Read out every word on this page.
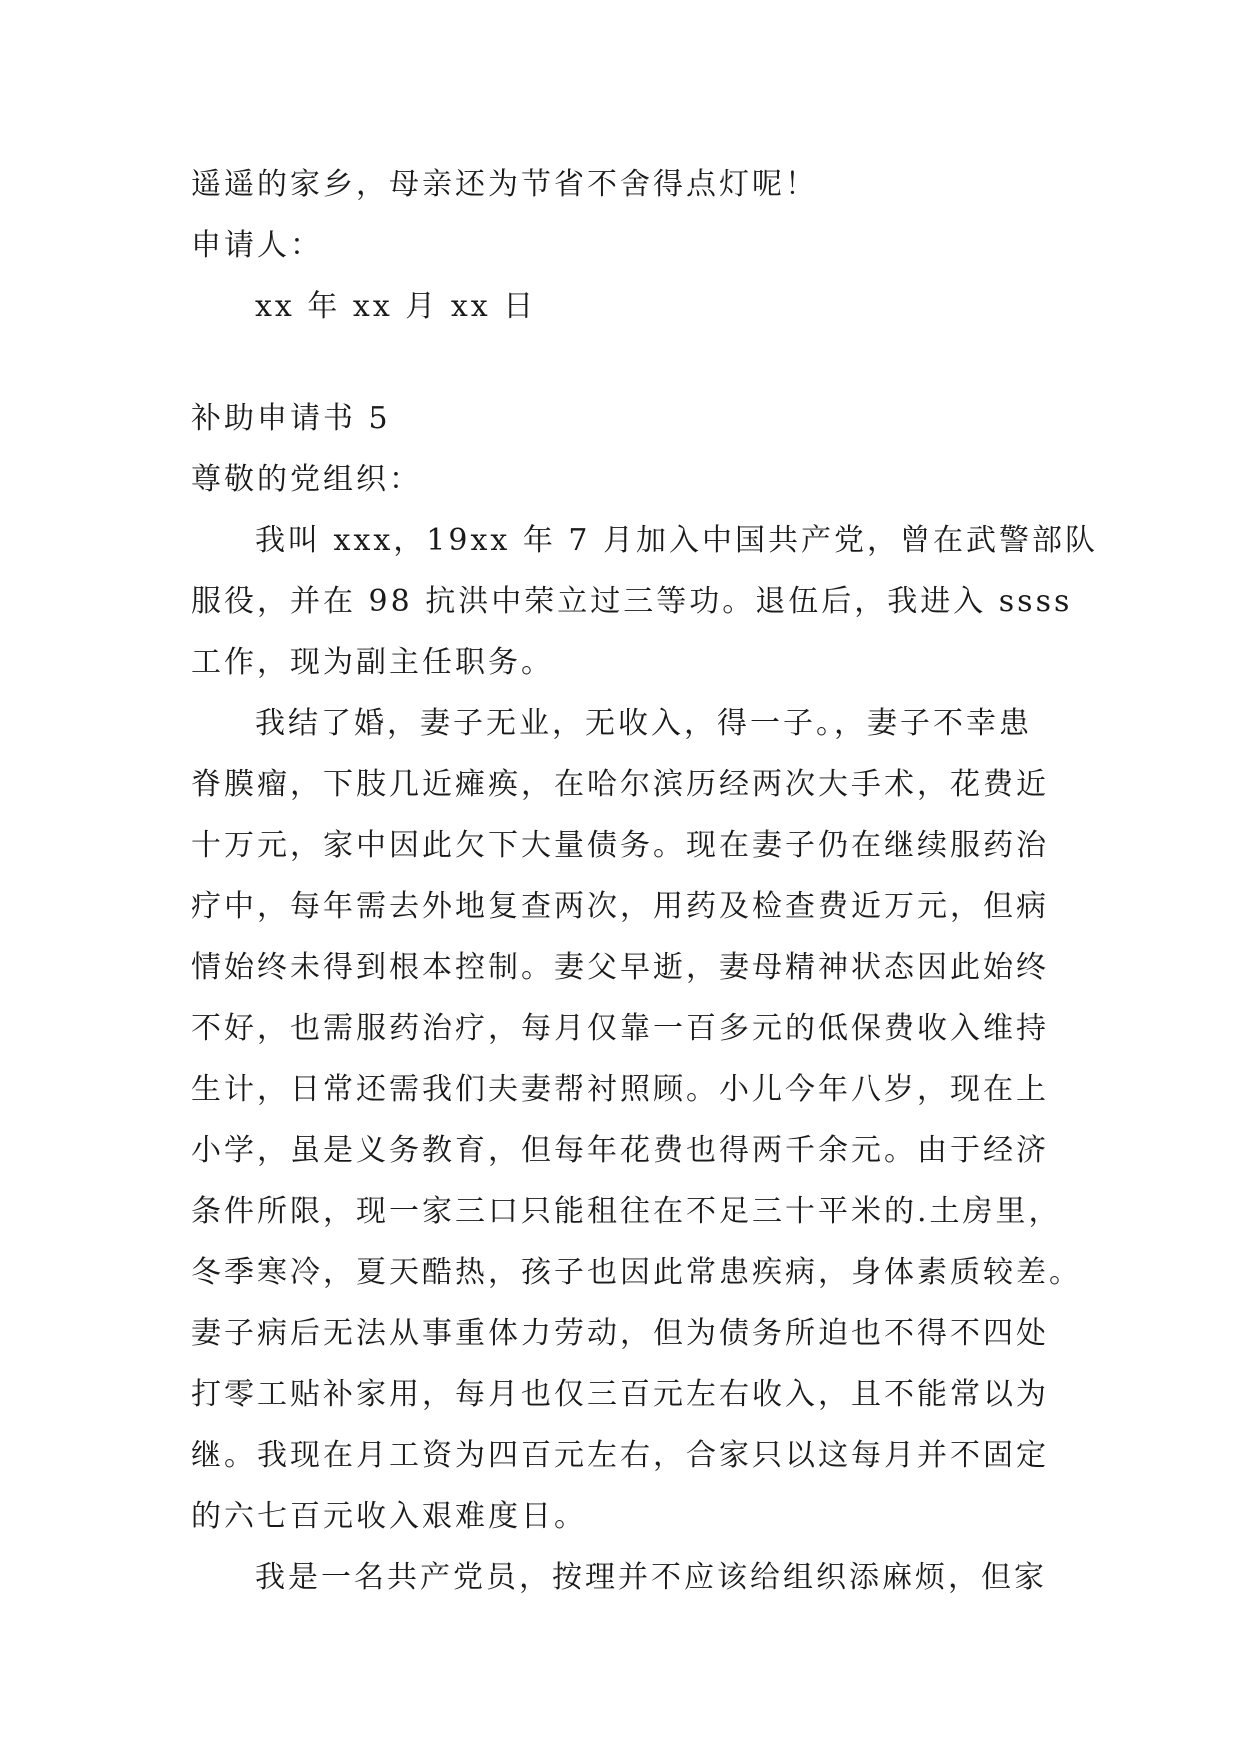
遥遥的家乡，母亲还为节省不舍得点灯呢！
申请人：
xx 年 xx 月 xx 日
补助申请书 5
尊敬的党组织：
我叫 xxx，19xx 年 7 月加入中国共产党，曾在武警部队
服役，并在 98 抗洪中荣立过三等功。退伍后，我进入 ssss
工作，现为副主任职务。
我结了婚，妻子无业，无收入，得一子。，妻子不幸患
脊膜瘤，下肢几近瘫痪，在哈尔滨历经两次大手术，花费近
十万元，家中因此欠下大量债务。现在妻子仍在继续服药治
疗中，每年需去外地复查两次，用药及检查费近万元，但病
情始终未得到根本控制。妻父早逝，妻母精神状态因此始终
不好，也需服药治疗，每月仅靠一百多元的低保费收入维持
生计，日常还需我们夫妻帮衬照顾。小儿今年八岁，现在上
小学，虽是义务教育，但每年花费也得两千余元。由于经济
条件所限，现一家三口只能租往在不足三十平米的.土房里，
冬季寒冷，夏天酷热，孩子也因此常患疾病，身体素质较差。
妻子病后无法从事重体力劳动，但为债务所迫也不得不四处
打零工贴补家用，每月也仅三百元左右收入，且不能常以为
继。我现在月工资为四百元左右，合家只以这每月并不固定
的六七百元收入艰难度日。
我是一名共产党员，按理并不应该给组织添麻烦，但家
